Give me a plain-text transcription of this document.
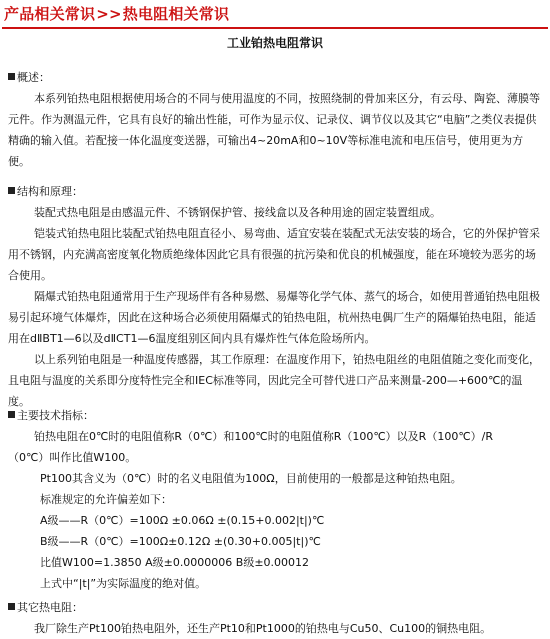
产品相关常识>>热电阻相关常识
工业铂热电阻常识
概述：

本系列铂热电阻根据使用场合的不同与使用温度的不同，按照绕制的骨加来区分，有云母、陶瓷、薄膜等元件。作为测温元件，它具有良好的输出性能，可作为显示仪、记录仪、调节仪以及其它“电脑”之类仪表提供精确的输入值。若配接一体化温度变送器，可输出4~20mA和0~10V等标准电流和电压信号，使用更为方便。

结构和原理：

装配式热电阻是由感温元件、不锈钢保护管、接线盒以及各种用途的固定装置组成。

铠装式铂热电阻比装配式铂热电阻直径小、易弯曲、适宜安装在装配式无法安装的场合，它的外保护管采用不锈钢，内充满高密度氧化物质绝缘体因此它具有很强的抗污染和优良的机械强度，能在环境较为恶劣的场合使用。

隔爆式铂热电阻通常用于生产现场伴有各种易燃、易爆等化学气体、蒸气的场合，如使用普通铂热电阻极易引起环境气体爆炸，因此在这种场合必须使用隔爆式的铂热电阻，杭州热电偶厂生产的隔爆铂热电阻，能适用在dⅡBT1—6以及dⅡCT1—6温度组别区间内具有爆炸性气体危险场所内。

以上系列铂电阻是一种温度传感器，其工作原理：在温度作用下，铂热电阻丝的电阻值随之变化而变化，且电阻与温度的关系即分度特性完全和IEC标准等同，因此完全可替代进口产品来测量-200—+600℃的温度。

主要技术指标：
铂热电阻在0℃时的电阻值称R（0℃）和100℃时的电阻值称R（100℃）以及R（100℃）/R
（0℃）叫作比值W100。
Pt100其含义为（0℃）时的名义电阻值为100Ω，目前使用的一般都是这种铂热电阻。
标准规定的允许偏差如下：
A级——R（0℃）=100Ω ±0.06Ω ±(0.15+0.002|t|)℃
B级——R（0℃）=100Ω±0.12Ω ±(0.30+0.005|t|)℃
比值W100=1.3850 A级±0.0000006 B级±0.00012
上式中“|t|”为实际温度的绝对值。
其它热电阻：
我厂除生产Pt100铂热电阻外，还生产Pt10和Pt1000的铂热电与Cu50、Cu100的铜热电阻。
